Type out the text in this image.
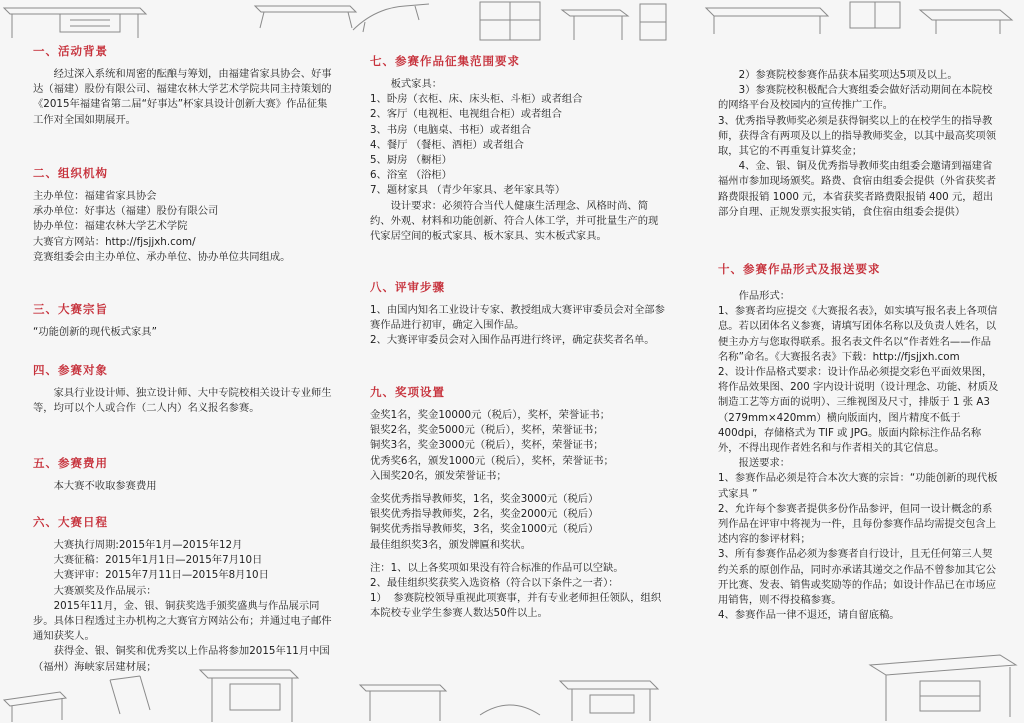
一、活动背景

经过深入系统和周密的酝酿与筹划，由福建省家具协会、好事达（福建）股份有限公司、福建农林大学艺术学院共同主持策划的《2015年福建省第二届“好事达”杯家具设计创新大赛》作品征集工作对全国如期展开。

二、组织机构
主办单位：福建省家具协会
承办单位：好事达（福建）股份有限公司
协办单位：福建农林大学艺术学院
大赛官方网站：http://fjsjjxh.com/
竞赛组委会由主办单位、承办单位、协办单位共同组成。
三、大赛宗旨

“功能创新的现代板式家具”

四、参赛对象

家具行业设计师、独立设计师、大中专院校相关设计专业师生等，均可以个人或合作（二人内）名义报名参赛。

五、参赛费用

本大赛不收取参赛费用

六、大赛日程
大赛执行周期:2015年1月—2015年12月
大赛征稿：2015年1月1日—2015年7月10日
大赛评审：2015年7月11日—2015年8月10日
大赛颁奖及作品展示：
2015年11月，金、银、铜获奖选手颁奖盛典与作品展示同步。具体日程透过主办机构之大赛官方网站公布；并通过电子邮件通知获奖人。
获得金、银、铜奖和优秀奖以上作品将参加2015年11月中国（福州）海峡家居建材展；
七、参赛作品征集范围要求
板式家具：
1、卧房（衣柜、床、床头柜、斗柜）或者组合
2、客厅（电视柜、电视组合柜）或者组合
3、书房（电脑桌、书柜）或者组合
4、餐厅 （餐柜、酒柜）或者组合
5、厨房 （橱柜）
6、浴室 （浴柜）
7、题材家具 （青少年家具、老年家具等）

设计要求：必须符合当代人健康生活理念、风格时尚、简约、外观、材料和功能创新、符合人体工学，并可批量生产的现代家居空间的板式家具、板木家具、实木板式家具。

八、评审步骤
1、由国内知名工业设计专家、教授组成大赛评审委员会对全部参赛作品进行初审，确定入围作品。
2、大赛评审委员会对入围作品再进行终评，确定获奖者名单。
九、奖项设置
金奖1名，奖金10000元（税后），奖杯，荣誉证书；
银奖2名，奖金5000元（税后），奖杯，荣誉证书；
铜奖3名，奖金3000元（税后），奖杯，荣誉证书；
优秀奖6名，颁发1000元（税后），奖杯，荣誉证书；
入围奖20名，颁发荣誉证书；
金奖优秀指导教师奖，1名，奖金3000元（税后）
银奖优秀指导教师奖，2名，奖金2000元（税后）
铜奖优秀指导教师奖，3名，奖金1000元（税后）
最佳组织奖3名，颁发牌匾和奖状。
注：1、以上各奖项如果没有符合标准的作品可以空缺。
2、最佳组织奖获奖入选资格（符合以下条件之一者）：
1）  参赛院校领导重视此项赛事，并有专业老师担任领队，组织本院校专业学生参赛人数达50件以上。
2）参赛院校参赛作品获本届奖项达5项及以上。
3）参赛院校积极配合大赛组委会做好活动期间在本院校的网络平台及校园内的宣传推广工作。
3、优秀指导教师奖必须是获得铜奖以上的在校学生的指导教师，获得含有两项及以上的指导教师奖金，以其中最高奖项领取，其它的不再重复计算奖金；
4、金、银、铜及优秀指导教师奖由组委会邀请到福建省福州市参加现场颁奖。路费、食宿由组委会提供（外省获奖者路费限报销 1000 元，本省获奖者路费限报销 400 元，超出部分自理、正规发票实报实销，食住宿由组委会提供）
十、参赛作品形式及报送要求
作品形式：
1、参赛者均应提交《大赛报名表》，如实填写报名表上各项信息。若以团体名义参赛，请填写团体名称以及负责人姓名，以便主办方与您取得联系。报名表文件名以“作者姓名——作品名称”命名。《大赛报名表》下载：http://fjsjjxh.com
2、设计作品格式要求：设计作品必须提交彩色平面效果图，将作品效果图、200 字内设计说明（设计理念、功能、材质及制造工艺等方面的说明）、三维视图及尺寸，排版于 1 张 A3（279mm×420mm）横向版面内，图片精度不低于 400dpi，存储格式为 TIF 或 JPG。版面内除标注作品名称外，不得出现作者姓名和与作者相关的其它信息。
报送要求：
1、参赛作品必须是符合本次大赛的宗旨：“功能创新的现代板式家具 ”
2、允许每个参赛者提供多份作品参评，但同一设计概念的系列作品在评审中将视为一件，且每份参赛作品均需提交包含上述内容的参评材料；
3、所有参赛作品必须为参赛者自行设计，且无任何第三人契约关系的原创作品，同时亦承诺其递交之作品不曾参加其它公开比赛、发表、销售或奖励等的作品；如设计作品已在市场应用销售，则不得投稿参赛。
4、参赛作品一律不退还，请自留底稿。
